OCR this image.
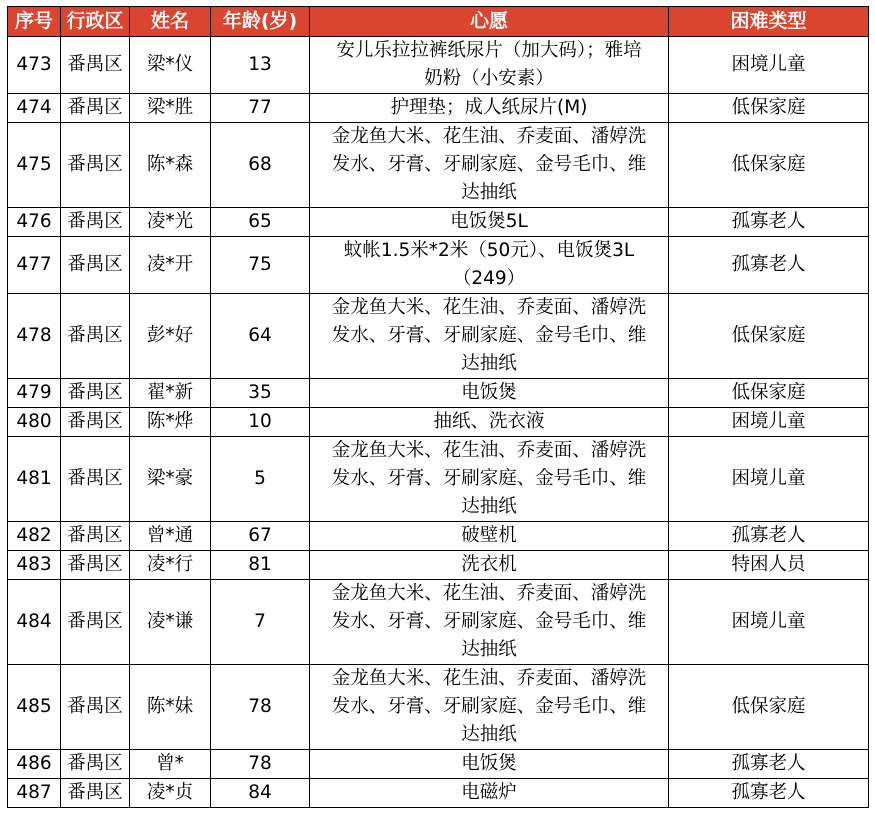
序号	行政区	姓名	年龄(岁)	心愿	困难类型
473	番禺区	梁*仪	13	安儿乐拉拉裤纸尿片（加大码）；雅培
奶粉（小安素）	困境儿童
474	番禺区	梁*胜	77	护理垫；成人纸尿片(M)	低保家庭
475	番禺区	陈*森	68	金龙鱼大米、花生油、乔麦面、潘婷洗
发水、牙膏、牙刷家庭、金号毛巾、维
达抽纸	低保家庭
476	番禺区	凌*光	65	电饭煲5L	孤寡老人
477	番禺区	凌*开	75	蚊帐1.5米*2米（50元）、电饭煲3L
（249）	孤寡老人
478	番禺区	彭*好	64	金龙鱼大米、花生油、乔麦面、潘婷洗
发水、牙膏、牙刷家庭、金号毛巾、维
达抽纸	低保家庭
479	番禺区	翟*新	35	电饭煲	低保家庭
480	番禺区	陈*烨	10	抽纸、洗衣液	困境儿童
481	番禺区	梁*豪	5	金龙鱼大米、花生油、乔麦面、潘婷洗
发水、牙膏、牙刷家庭、金号毛巾、维
达抽纸	困境儿童
482	番禺区	曾*通	67	破壁机	孤寡老人
483	番禺区	凌*行	81	洗衣机	特困人员
484	番禺区	凌*谦	7	金龙鱼大米、花生油、乔麦面、潘婷洗
发水、牙膏、牙刷家庭、金号毛巾、维
达抽纸	困境儿童
485	番禺区	陈*妹	78	金龙鱼大米、花生油、乔麦面、潘婷洗
发水、牙膏、牙刷家庭、金号毛巾、维
达抽纸	低保家庭
486	番禺区	曾*	78	电饭煲	孤寡老人
487	番禺区	凌*贞	84	电磁炉	孤寡老人
